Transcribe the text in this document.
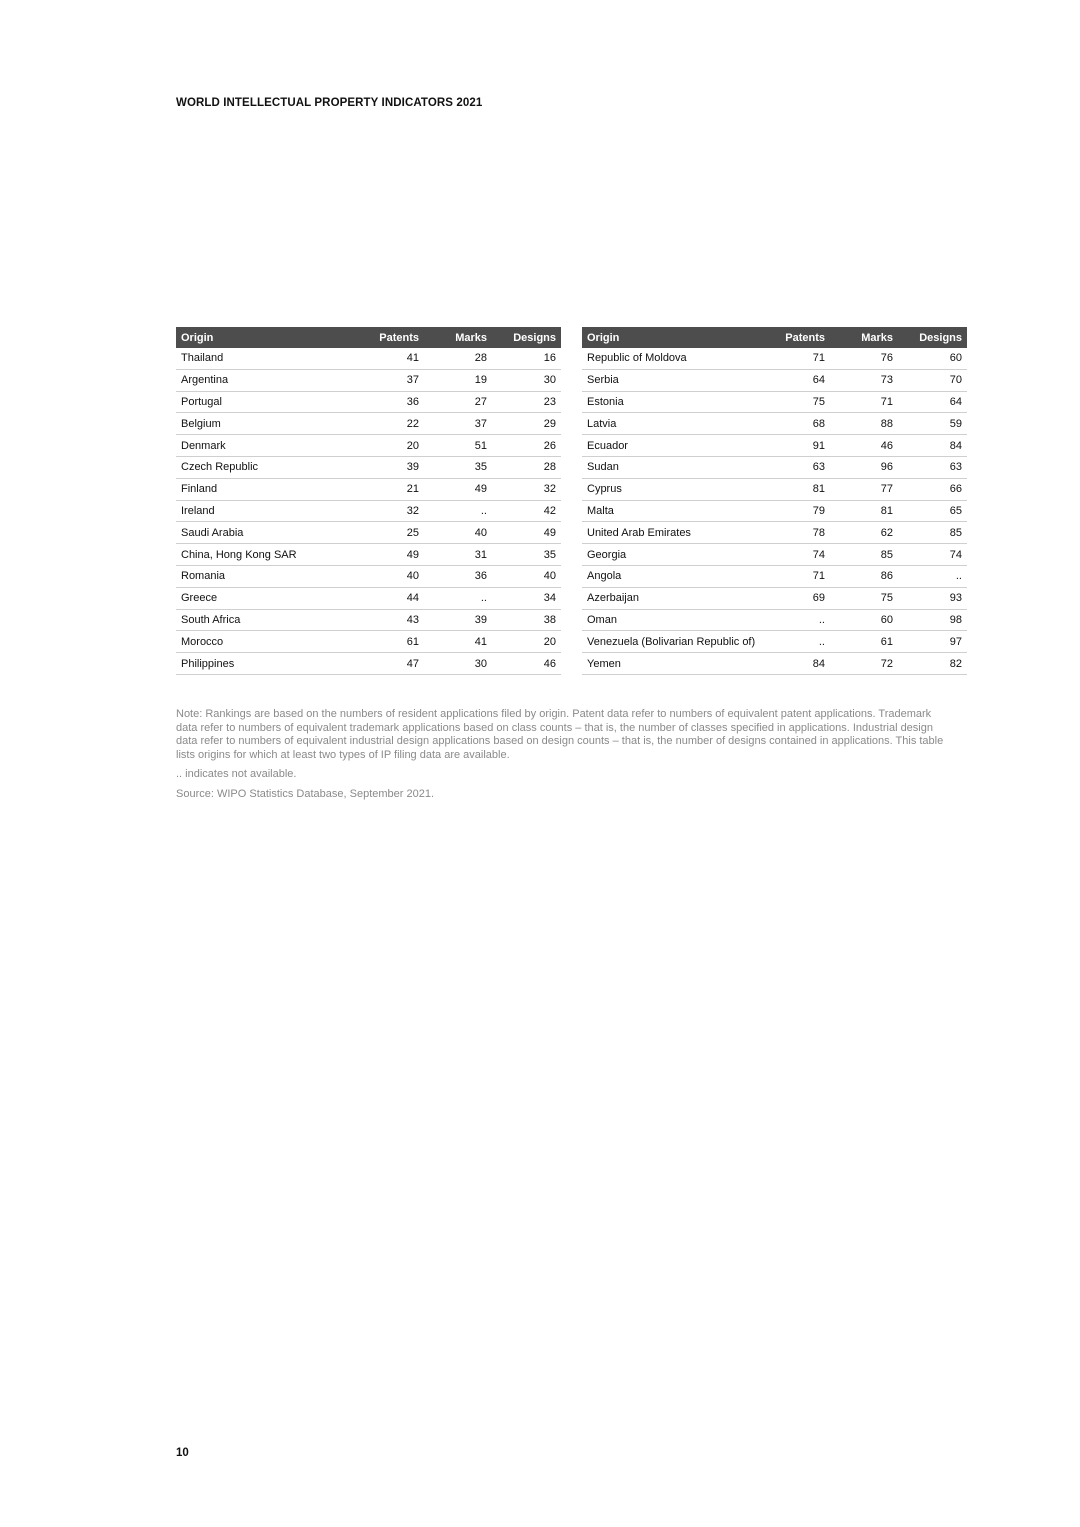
WORLD INTELLECTUAL PROPERTY INDICATORS 2021
Origin	Patents	Marks	Designs
Thailand	41	28	16
Argentina	37	19	30
Portugal	36	27	23
Belgium	22	37	29
Denmark	20	51	26
Czech Republic	39	35	28
Finland	21	49	32
Ireland	32	..	42
Saudi Arabia	25	40	49
China, Hong Kong SAR	49	31	35
Romania	40	36	40
Greece	44	..	34
South Africa	43	39	38
Morocco	61	41	20
Philippines	47	30	46
Origin	Patents	Marks	Designs
Republic of Moldova	71	76	60
Serbia	64	73	70
Estonia	75	71	64
Latvia	68	88	59
Ecuador	91	46	84
Sudan	63	96	63
Cyprus	81	77	66
Malta	79	81	65
United Arab Emirates	78	62	85
Georgia	74	85	74
Angola	71	86	..
Azerbaijan	69	75	93
Oman	..	60	98
Venezuela (Bolivarian Republic of)	..	61	97
Yemen	84	72	82

Note: Rankings are based on the numbers of resident applications filed by origin. Patent data refer to numbers of equivalent patent applications. Trademark data refer to numbers of equivalent trademark applications based on class counts – that is, the number of classes specified in applications. Industrial design data refer to numbers of equivalent industrial design applications based on design counts – that is, the number of designs contained in applications. This table lists origins for which at least two types of IP filing data are available.

.. indicates not available.

Source: WIPO Statistics Database, September 2021.

10
